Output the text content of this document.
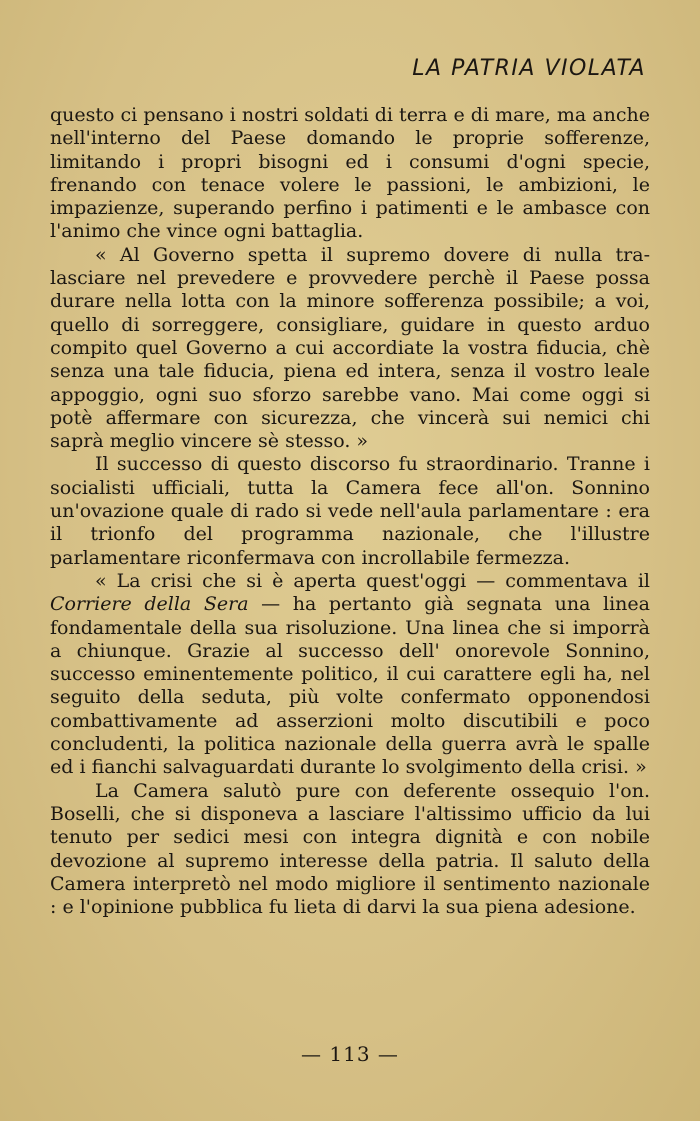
LA PATRIA VIOLATA

questo ci pensano i nostri soldati di terra e di mare, ma anche nell'interno del Paese domando le proprie sofferenze, limitando i propri bisogni ed i consumi d'ogni specie, frenando con tenace volere le passioni, le ambizioni, le impazienze, superando perfino i patimenti e le ambasce con l'animo che vince ogni battaglia.

« Al Governo spetta il supremo dovere di nulla tralasciare nel prevedere e provvedere perchè il Paese possa durare nella lotta con la minore sofferenza possibile; a voi, quello di sorreggere, consigliare, guidare in questo arduo compito quel Governo a cui accordiate la vostra fiducia, chè senza una tale fiducia, piena ed intera, senza il vostro leale appoggio, ogni suo sforzo sarebbe vano. Mai come oggi si potè affermare con sicurezza, che vincerà sui nemici chi saprà meglio vincere sè stesso. »

Il successo di questo discorso fu straordinario. Tranne i socialisti ufficiali, tutta la Camera fece all'on. Sonnino un'ovazione quale di rado si vede nell'aula parlamentare : era il trionfo del programma nazionale, che l'illustre parlamentare riconfermava con incrollabile fermezza.

« La crisi che si è aperta quest'oggi — commentava il Corriere della Sera — ha pertanto già segnata una linea fondamentale della sua risoluzione. Una linea che si imporrà a chiunque. Grazie al successo dell' onorevole Sonnino, successo eminentemente politico, il cui carattere egli ha, nel seguito della seduta, più volte confermato opponendosi combattivamente ad asserzioni molto discutibili e poco concludenti, la politica nazionale della guerra avrà le spalle ed i fianchi salvaguardati durante lo svolgimento della crisi. »

La Camera salutò pure con deferente ossequio l'on. Boselli, che si disponeva a lasciare l'altissimo ufficio da lui tenuto per sedici mesi con integra dignità e con nobile devozione al supremo interesse della patria. Il saluto della Camera interpretò nel modo migliore il sentimento nazionale : e l'opinione pubblica fu lieta di darvi la sua piena adesione.

— 113 —
